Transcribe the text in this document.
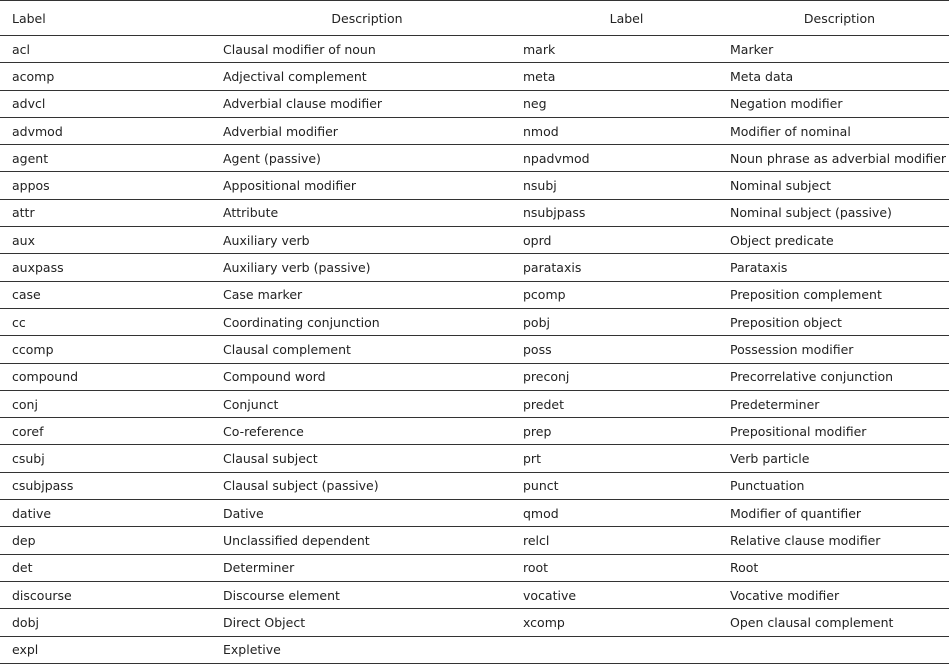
Label	Description	Label	Description
acl	Clausal modifier of noun	mark	Marker
acomp	Adjectival complement	meta	Meta data
advcl	Adverbial clause modifier	neg	Negation modifier
advmod	Adverbial modifier	nmod	Modifier of nominal
agent	Agent (passive)	npadvmod	Noun phrase as adverbial modifier
appos	Appositional modifier	nsubj	Nominal subject
attr	Attribute	nsubjpass	Nominal subject (passive)
aux	Auxiliary verb	oprd	Object predicate
auxpass	Auxiliary verb (passive)	parataxis	Parataxis
case	Case marker	pcomp	Preposition complement
cc	Coordinating conjunction	pobj	Preposition object
ccomp	Clausal complement	poss	Possession modifier
compound	Compound word	preconj	Precorrelative conjunction
conj	Conjunct	predet	Predeterminer
coref	Co-reference	prep	Prepositional modifier
csubj	Clausal subject	prt	Verb particle
csubjpass	Clausal subject (passive)	punct	Punctuation
dative	Dative	qmod	Modifier of quantifier
dep	Unclassified dependent	relcl	Relative clause modifier
det	Determiner	root	Root
discourse	Discourse element	vocative	Vocative modifier
dobj	Direct Object	xcomp	Open clausal complement
expl	Expletive		
